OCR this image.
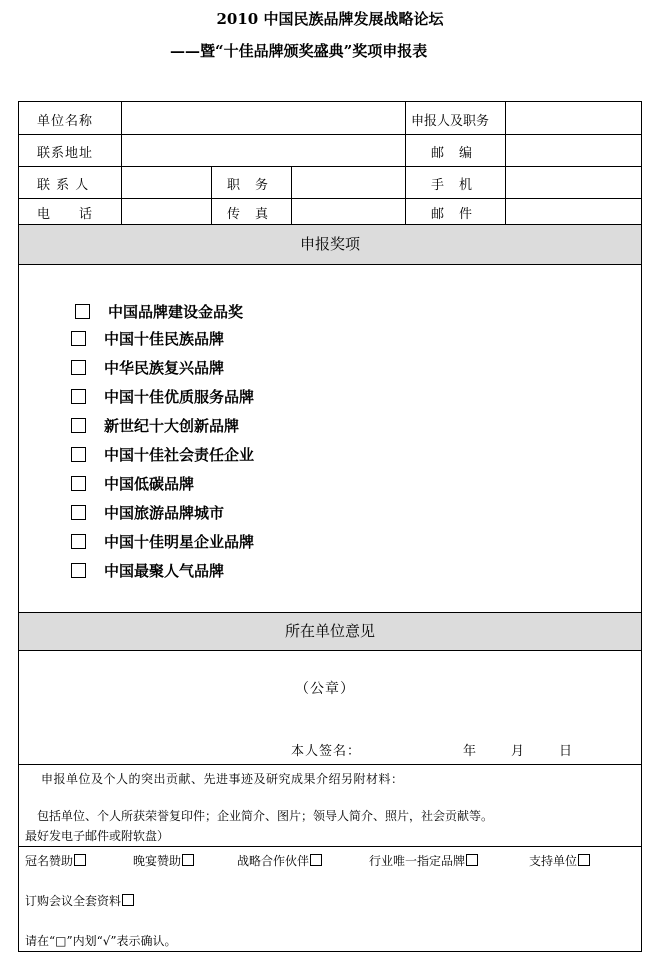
2010 中国民族品牌发展战略论坛
——暨“十佳品牌颁奖盛典”奖项申报表
单位名称	申报人及职务
联系地址	邮　编
联 系 人	职　务	手　机
电　　话	传　真	邮　件
申报奖项
中国品牌建设金品奖
中国十佳民族品牌
中华民族复兴品牌
中国十佳优质服务品牌
新世纪十大创新品牌
中国十佳社会责任企业
中国低碳品牌
中国旅游品牌城市
中国十佳明星企业品牌
中国最聚人气品牌
所在单位意见
（公章）
本人签名：	年	月	日
申报单位及个人的突出贡献、先进事迹及研究成果介绍另附材料：
包括单位、个人所获荣誉复印件；企业简介、图片；领导人简介、照片，社会贡献等。
最好发电子邮件或附软盘）
冠名赞助	晚宴赞助	战略合作伙伴	行业唯一指定品牌	支持单位
订购会议全套资料
请在“□”内划“√”表示确认。
